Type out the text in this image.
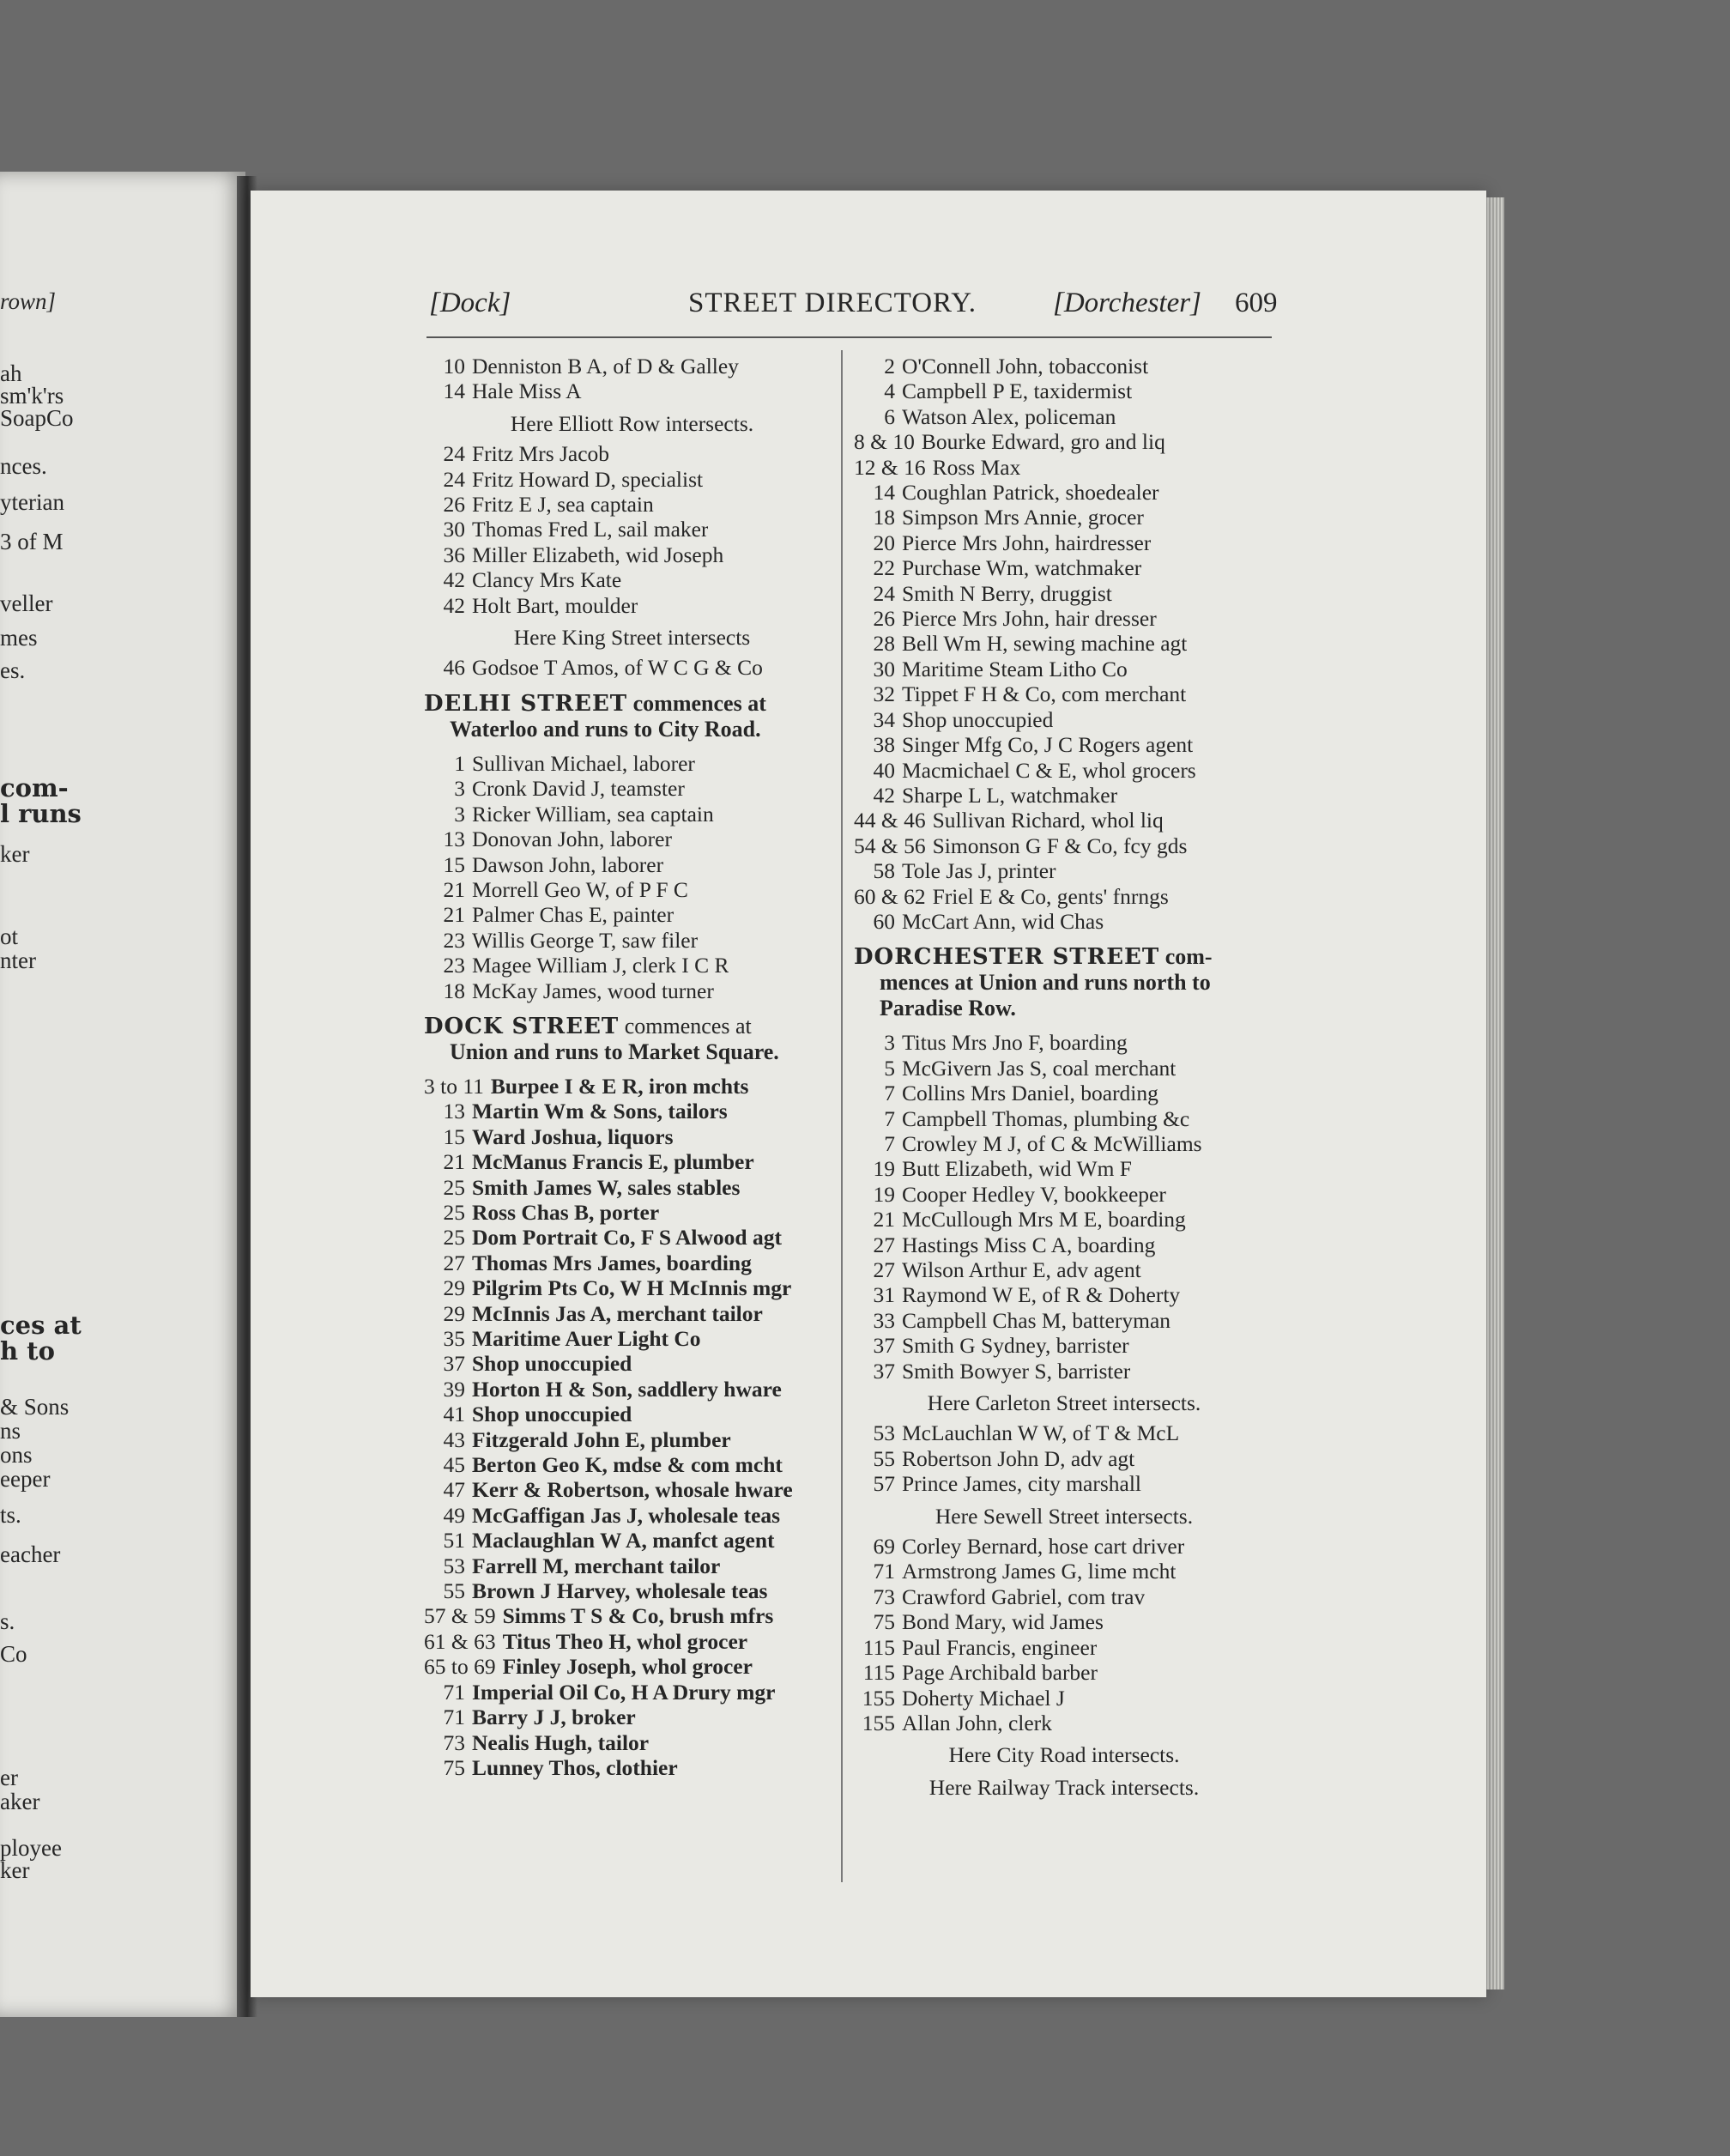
rown]
ah
sm'k'rs
SoapCo
nces.
yterian
3 of M
veller
mes
es.
com-
l runs
ker
ot
nter
ces at
h to
& Sons
ns
ons
eeper
ts.
eacher
s.
Co
er
aker
ployee
ker
[Dock]	STREET DIRECTORY.	[Dorchester] 609
10 Denniston B A, of D & Galley
14 Hale Miss A
Here Elliott Row intersects.
24 Fritz Mrs Jacob
24 Fritz Howard D, specialist
26 Fritz E J, sea captain
30 Thomas Fred L, sail maker
36 Miller Elizabeth, wid Joseph
42 Clancy Mrs Kate
42 Holt Bart, moulder
Here King Street intersects
46 Godsoe T Amos, of W C G & Co
DELHI STREET commences at
Waterloo and runs to City Road.
1 Sullivan Michael, laborer
3 Cronk David J, teamster
3 Ricker William, sea captain
13 Donovan John, laborer
15 Dawson John, laborer
21 Morrell Geo W, of P F C
21 Palmer Chas E, painter
23 Willis George T, saw filer
23 Magee William J, clerk I C R
18 McKay James, wood turner
DOCK STREET commences at
Union and runs to Market Square.
3 to 11 Burpee I & E R, iron mchts
13 Martin Wm & Sons, tailors
15 Ward Joshua, liquors
21 McManus Francis E, plumber
25 Smith James W, sales stables
25 Ross Chas B, porter
25 Dom Portrait Co, F S Alwood agt
27 Thomas Mrs James, boarding
29 Pilgrim Pts Co, W H McInnis mgr
29 McInnis Jas A, merchant tailor
35 Maritime Auer Light Co
37 Shop unoccupied
39 Horton H & Son, saddlery hware
41 Shop unoccupied
43 Fitzgerald John E, plumber
45 Berton Geo K, mdse & com mcht
47 Kerr & Robertson, whosale hware
49 McGaffigan Jas J, wholesale teas
51 Maclaughlan W A, manfct agent
53 Farrell M, merchant tailor
55 Brown J Harvey, wholesale teas
57 & 59 Simms T S & Co, brush mfrs
61 & 63 Titus Theo H, whol grocer
65 to 69 Finley Joseph, whol grocer
71 Imperial Oil Co, H A Drury mgr
71 Barry J J, broker
73 Nealis Hugh, tailor
75 Lunney Thos, clothier
2 O'Connell John, tobacconist
4 Campbell P E, taxidermist
6 Watson Alex, policeman
8 & 10 Bourke Edward, gro and liq
12 & 16 Ross Max
14 Coughlan Patrick, shoedealer
18 Simpson Mrs Annie, grocer
20 Pierce Mrs John, hairdresser
22 Purchase Wm, watchmaker
24 Smith N Berry, druggist
26 Pierce Mrs John, hair dresser
28 Bell Wm H, sewing machine agt
30 Maritime Steam Litho Co
32 Tippet F H & Co, com merchant
34 Shop unoccupied
38 Singer Mfg Co, J C Rogers agent
40 Macmichael C & E, whol grocers
42 Sharpe L L, watchmaker
44 & 46 Sullivan Richard, whol liq
54 & 56 Simonson G F & Co, fcy gds
58 Tole Jas J, printer
60 & 62 Friel E & Co, gents' fnrngs
60 McCart Ann, wid Chas
DORCHESTER STREET com-
mences at Union and runs north to Paradise Row.
3 Titus Mrs Jno F, boarding
5 McGivern Jas S, coal merchant
7 Collins Mrs Daniel, boarding
7 Campbell Thomas, plumbing &c
7 Crowley M J, of C & McWilliams
19 Butt Elizabeth, wid Wm F
19 Cooper Hedley V, bookkeeper
21 McCullough Mrs M E, boarding
27 Hastings Miss C A, boarding
27 Wilson Arthur E, adv agent
31 Raymond W E, of R & Doherty
33 Campbell Chas M, batteryman
37 Smith G Sydney, barrister
37 Smith Bowyer S, barrister
Here Carleton Street intersects.
53 McLauchlan W W, of T & McL
55 Robertson John D, adv agt
57 Prince James, city marshall
Here Sewell Street intersects.
69 Corley Bernard, hose cart driver
71 Armstrong James G, lime mcht
73 Crawford Gabriel, com trav
75 Bond Mary, wid James
115 Paul Francis, engineer
115 Page Archibald barber
155 Doherty Michael J
155 Allan John, clerk
Here City Road intersects.
Here Railway Track intersects.
